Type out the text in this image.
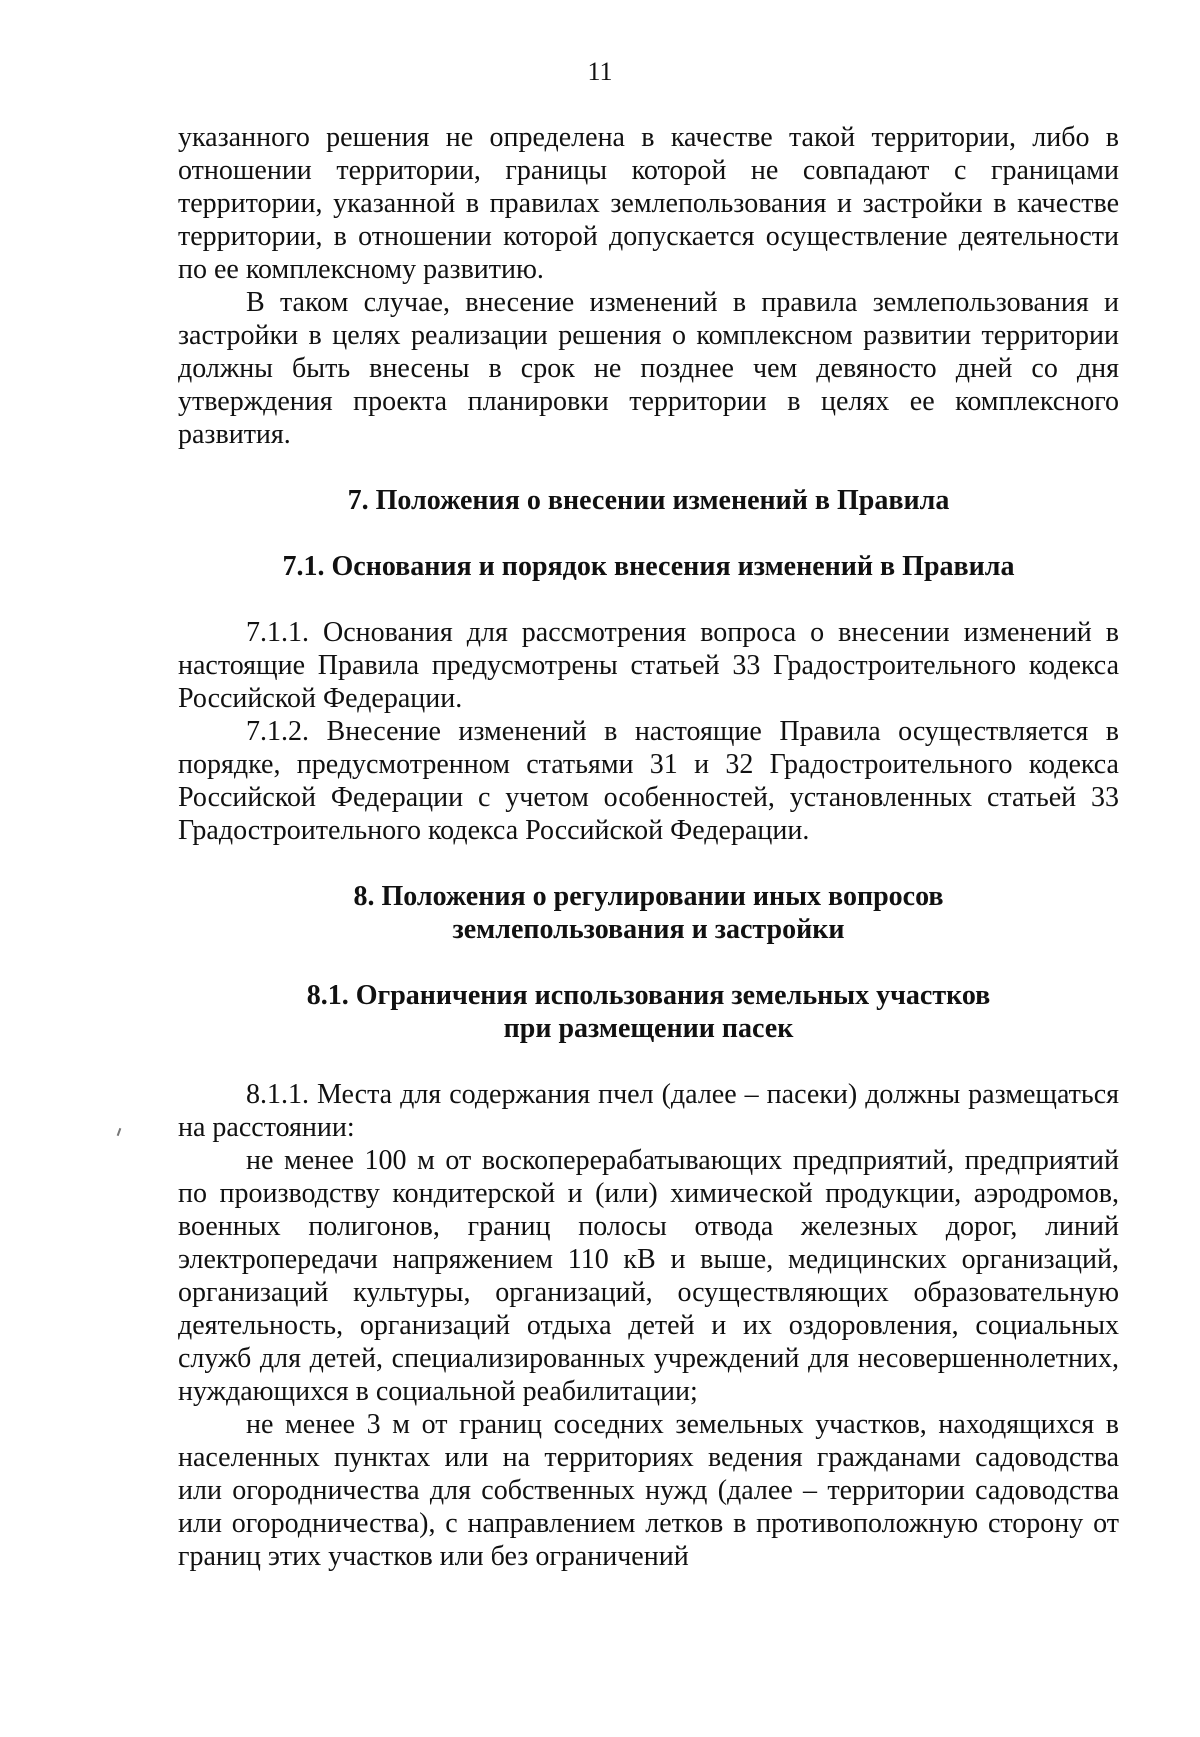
11

указанного решения не определена в качестве такой территории, либо в отношении территории, границы которой не совпадают с границами территории, указанной в правилах землепользования и застройки в качестве территории, в отношении которой допускается осуществление деятельности по ее комплексному развитию.

В таком случае, внесение изменений в правила землепользования и застройки в целях реализации решения о комплексном развитии территории должны быть внесены в срок не позднее чем девяносто дней со дня утверждения проекта планировки территории в целях ее комплексного развития.

7. Положения о внесении изменений в Правила

7.1. Основания и порядок внесения изменений в Правила

7.1.1. Основания для рассмотрения вопроса о внесении изменений в настоящие Правила предусмотрены статьей 33 Градостроительного кодекса Российской Федерации.

7.1.2. Внесение изменений в настоящие Правила осуществляется в порядке, предусмотренном статьями 31 и 32 Градостроительного кодекса Российской Федерации с учетом особенностей, установленных статьей 33 Градостроительного кодекса Российской Федерации.

8. Положения о регулировании иных вопросов

землепользования и застройки

8.1. Ограничения использования земельных участков

при размещении пасек

8.1.1. Места для содержания пчел (далее – пасеки) должны размещаться на расстоянии:

не менее 100 м от воскоперерабатывающих предприятий, предприятий по производству кондитерской и (или) химической продукции, аэродромов, военных полигонов, границ полосы отвода железных дорог, линий электропередачи напряжением 110 кВ и выше, медицинских организаций, организаций культуры, организаций, осуществляющих образовательную деятельность, организаций отдыха детей и их оздоровления, социальных служб для детей, специализированных учреждений для несовершеннолетних, нуждающихся в социальной реабилитации;

не менее 3 м от границ соседних земельных участков, находящихся в населенных пунктах или на территориях ведения гражданами садоводства или огородничества для собственных нужд (далее – территории садоводства или огородничества), с направлением летков в противоположную сторону от границ этих участков или без ограничений
